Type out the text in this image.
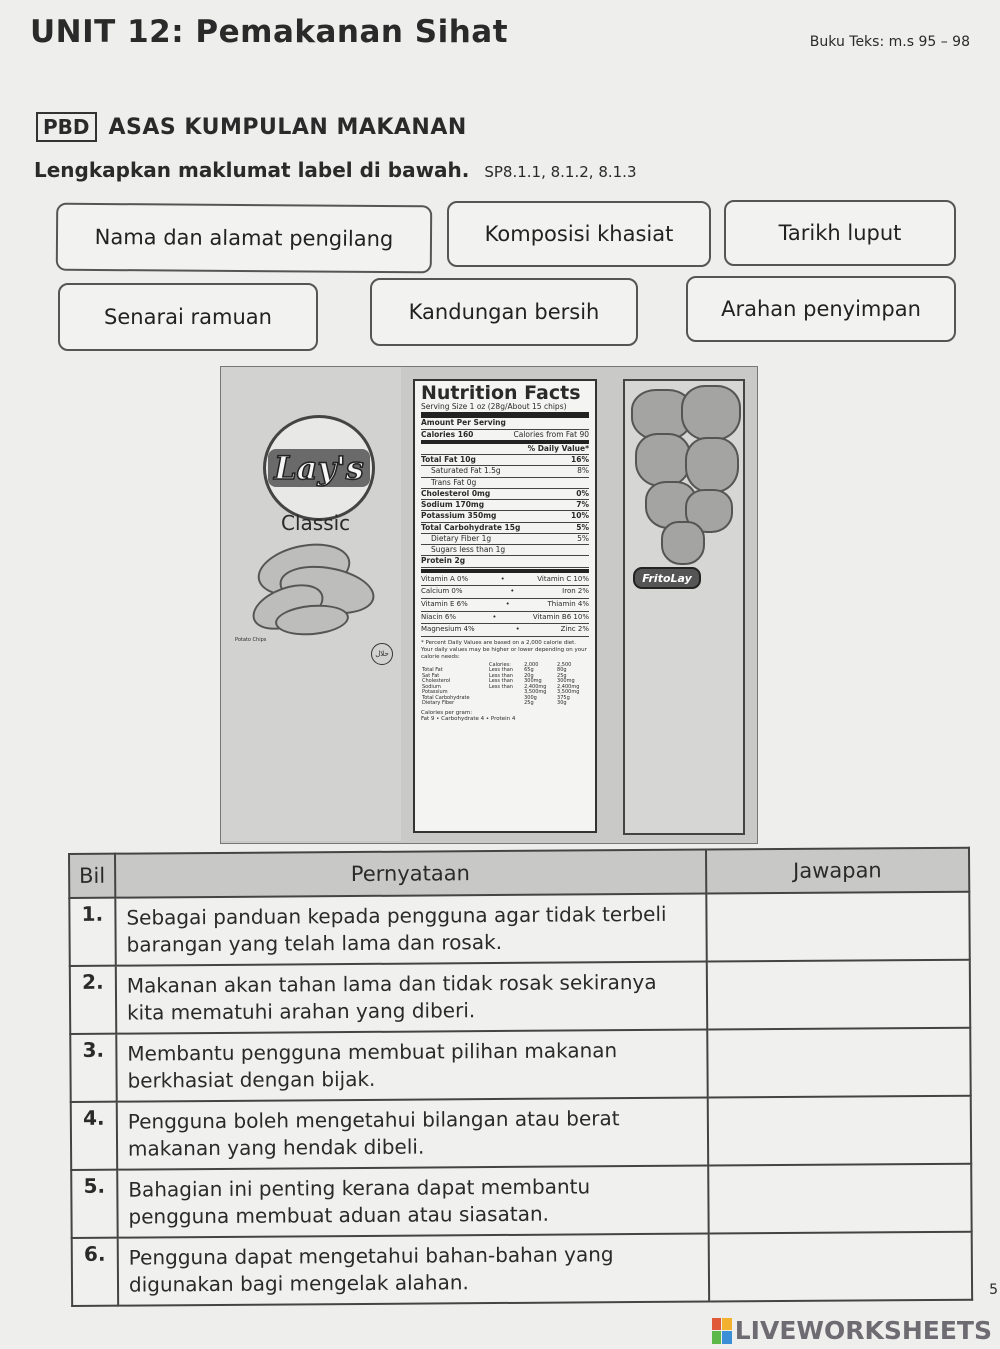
UNIT 12: Pemakanan Sihat	Buku Teks: m.s 95 – 98
PBD ASAS KUMPULAN MAKANAN
Lengkapkan maklumat label di bawah. SP8.1.1, 8.1.2, 8.1.3
Nama dan alamat pengilang	Komposisi khasiat	Tarikh luput
Senarai ramuan	Kandungan bersih	Arahan penyimpan
Lay's
Classic
Potato Chips
حلال
Nutrition Facts
Serving Size 1 oz (28g/About 15 chips)
Amount Per Serving
Calories 160	Calories from Fat 90
% Daily Value*
Total Fat 10g	16%
Saturated Fat 1.5g	8%
Trans Fat 0g
Cholesterol 0mg	0%
Sodium 170mg	7%
Potassium 350mg	10%
Total Carbohydrate 15g	5%
Dietary Fiber 1g	5%
Sugars less than 1g
Protein 2g
Vitamin A 0%	•	Vitamin C 10%
Calcium 0%	•	Iron 2%
Vitamin E 6%	•	Thiamin 4%
Niacin 6%	•	Vitamin B6 10%
Magnesium 4%	•	Zinc 2%
* Percent Daily Values are based on a 2,000 calorie diet. Your daily values may be higher or lower depending on your calorie needs:
	Calories:	2,000	2,500
Total Fat	Less than	65g	80g
Sat Fat	Less than	20g	25g
Cholesterol	Less than	300mg	300mg
Sodium	Less than	2,400mg	2,400mg
Potassium		3,500mg	3,500mg
Total Carbohydrate		300g	375g
Dietary Fiber		25g	30g
Calories per gram:
Fat 9 • Carbohydrate 4 • Protein 4
FritoLay
Bil	Pernyataan	Jawapan
1.	Sebagai panduan kepada pengguna agar tidak terbeli barangan yang telah lama dan rosak.	
2.	Makanan akan tahan lama dan tidak rosak sekiranya kita mematuhi arahan yang diberi.	
3.	Membantu pengguna membuat pilihan makanan berkhasiat dengan bijak.	
4.	Pengguna boleh mengetahui bilangan atau berat makanan yang hendak dibeli.	
5.	Bahagian ini penting kerana dapat membantu pengguna membuat aduan atau siasatan.	
6.	Pengguna dapat mengetahui bahan-bahan yang digunakan bagi mengelak alahan.		5
LIVEWORKSHEETS
